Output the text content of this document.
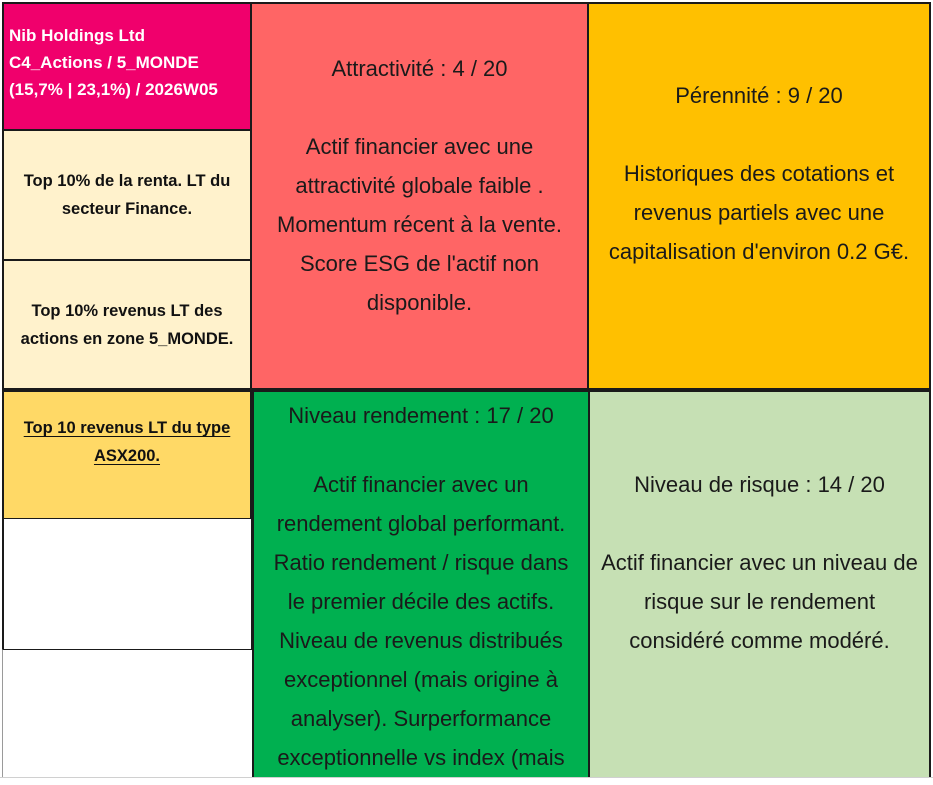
Nib Holdings Ltd
C4_Actions / 5_MONDE
(15,7% | 23,1%) / 2026W05
Top 10% de la renta. LT du secteur Finance.
Top 10% revenus LT des actions en zone 5_MONDE.
Attractivité : 4 / 20
Actif financier avec une attractivité globale faible . Momentum récent à la vente. Score ESG de l'actif non disponible.
Pérennité : 9 / 20
Historiques des cotations et revenus partiels avec une capitalisation d'environ 0.2 G€.
Top 10 revenus LT du type ASX200.
Niveau rendement : 17 / 20
Actif financier avec un rendement global performant. Ratio rendement / risque dans le premier décile des actifs. Niveau de revenus distribués exceptionnel (mais origine à analyser). Surperformance exceptionnelle vs index (mais
Niveau de risque : 14 / 20
Actif financier avec un niveau de risque sur le rendement considéré comme modéré.
